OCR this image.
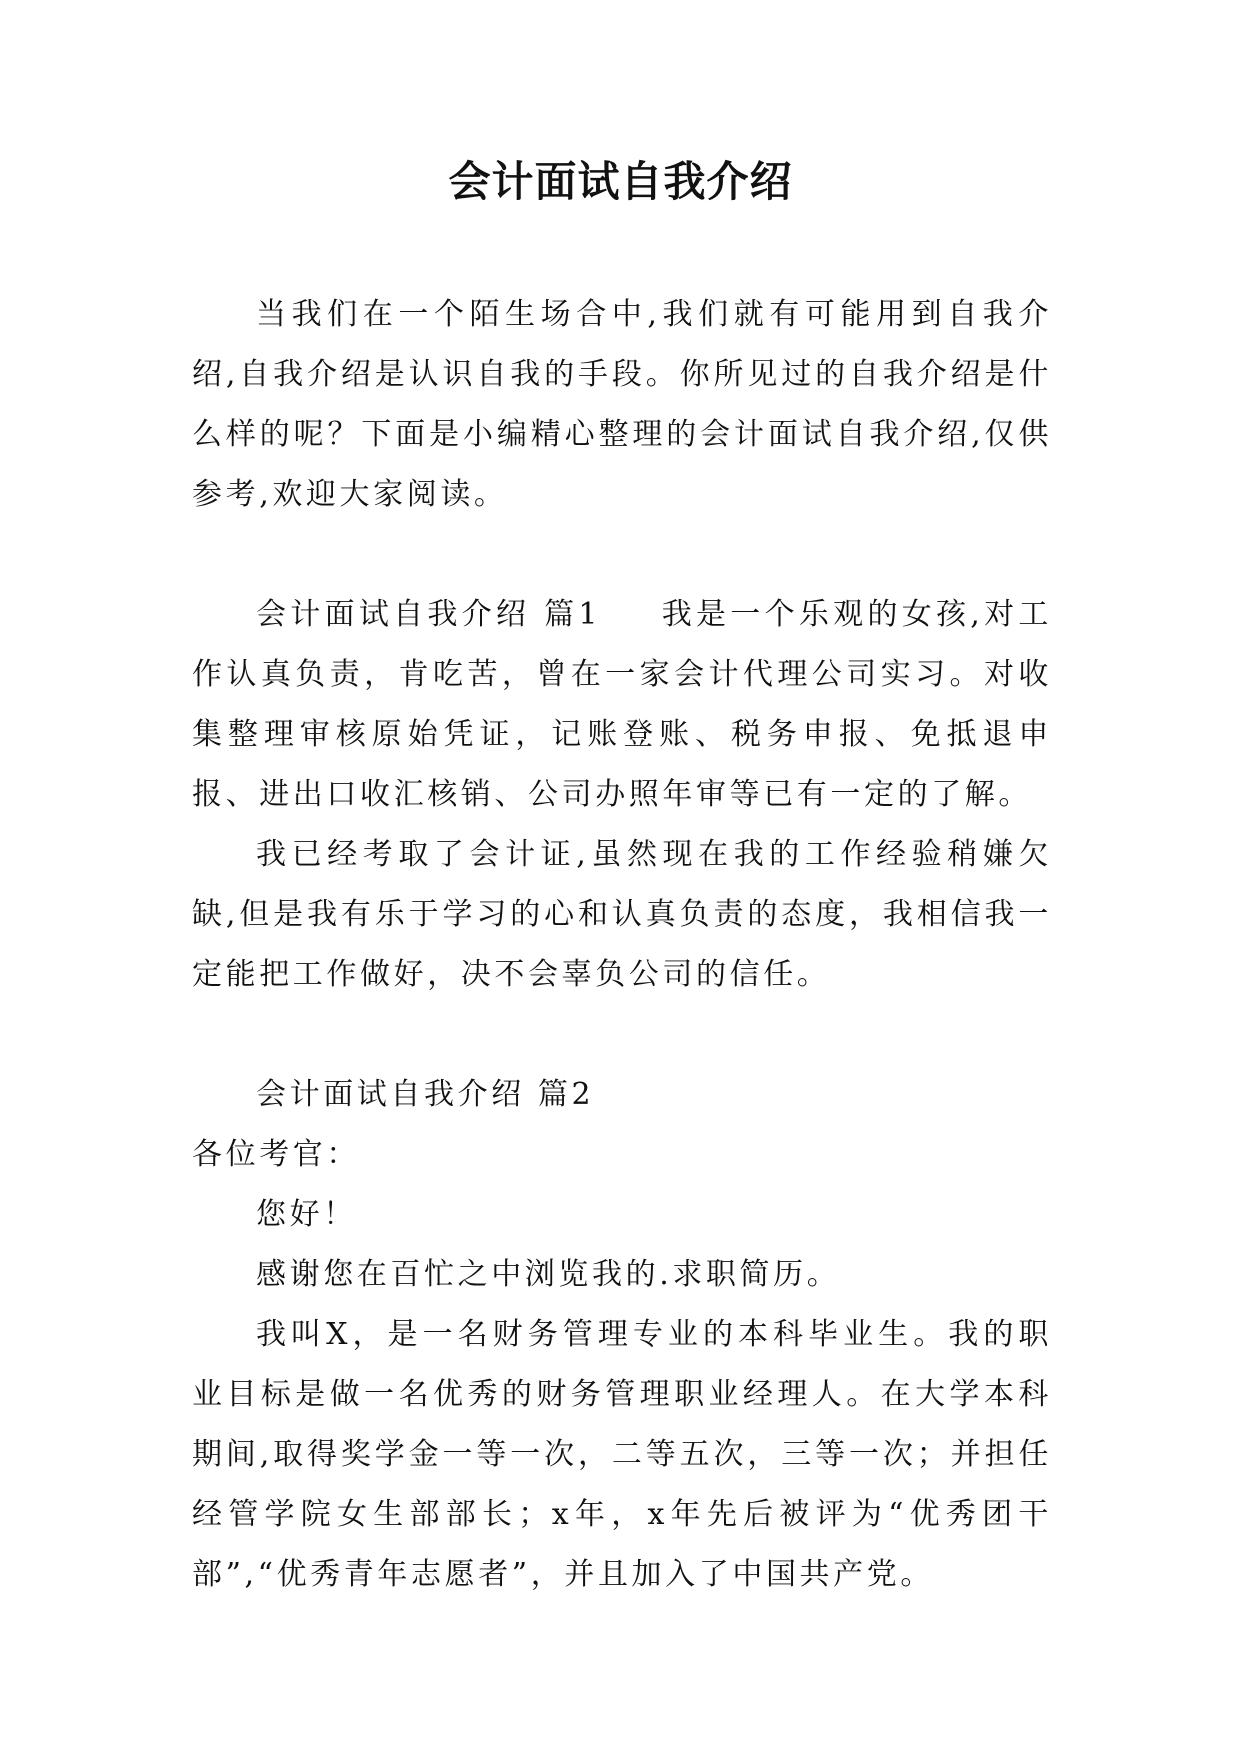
会计面试自我介绍

当我们在一个陌生场合中,我们就有可能用到自我介绍,自我介绍是认识自我的手段。你所见过的自我介绍是什么样的呢？下面是小编精心整理的会计面试自我介绍,仅供参考,欢迎大家阅读。

会计面试自我介绍 篇1 我是一个乐观的女孩,对工作认真负责，肯吃苦，曾在一家会计代理公司实习。对收集整理审核原始凭证，记账登账、税务申报、免抵退申报、进出口收汇核销、公司办照年审等已有一定的了解。

我已经考取了会计证,虽然现在我的工作经验稍嫌欠缺,但是我有乐于学习的心和认真负责的态度，我相信我一定能把工作做好，决不会辜负公司的信任。

会计面试自我介绍 篇2

各位考官：

您好！

感谢您在百忙之中浏览我的.求职简历。

我叫X，是一名财务管理专业的本科毕业生。我的职业目标是做一名优秀的财务管理职业经理人。在大学本科期间,取得奖学金一等一次，二等五次，三等一次；并担任经管学院女生部部长；x年，x年先后被评为“优秀团干部”,“优秀青年志愿者”，并且加入了中国共产党。
